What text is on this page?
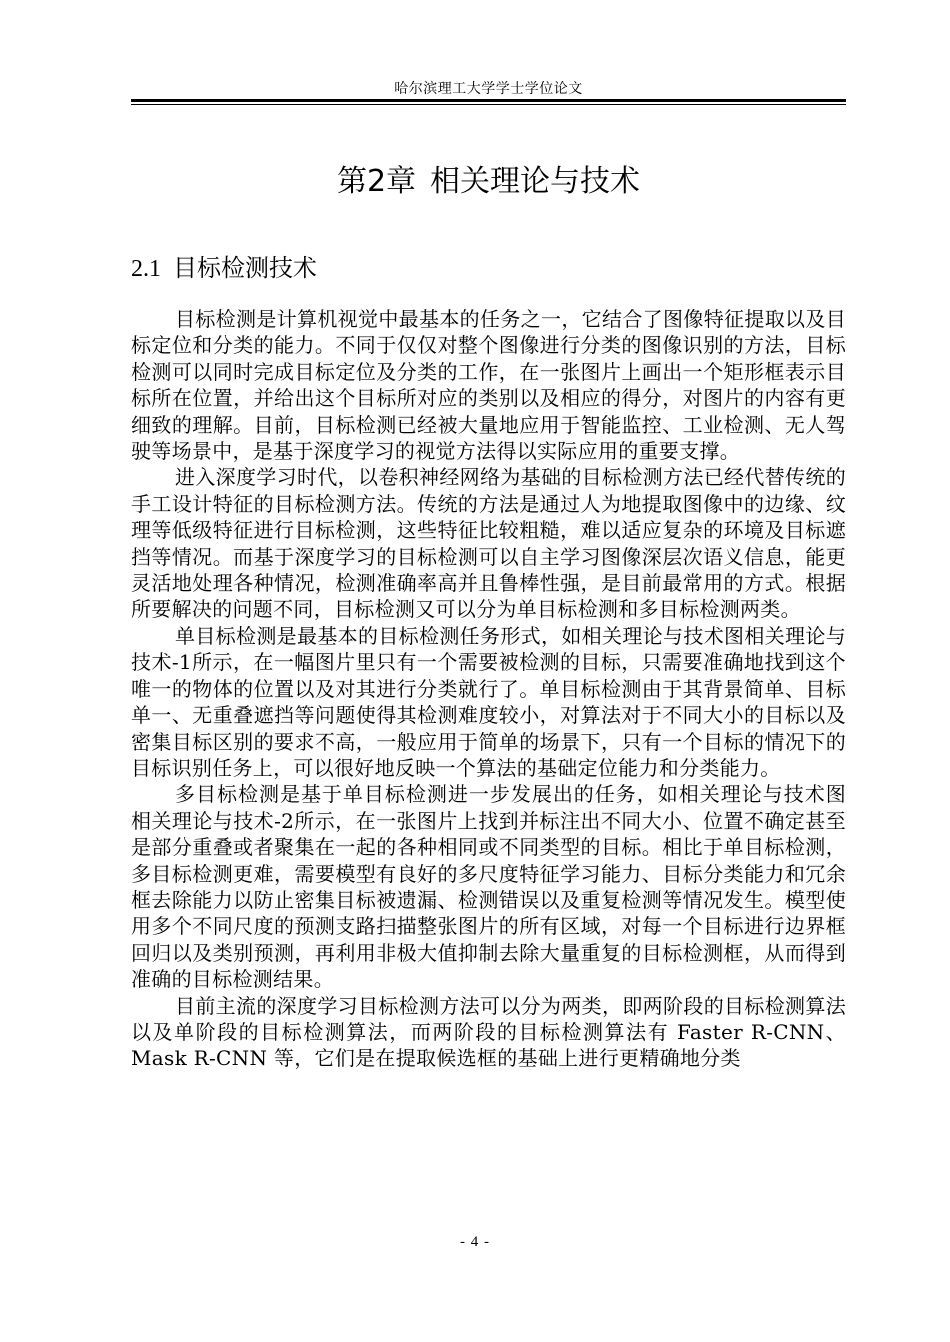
哈尔滨理工大学学士学位论文
第2章 相关理论与技术
2.1 目标检测技术

目标检测是计算机视觉中最基本的任务之一，它结合了图像特征提取以及目标定位和分类的能力。不同于仅仅对整个图像进行分类的图像识别的方法，目标检测可以同时完成目标定位及分类的工作，在一张图片上画出一个矩形框表示目标所在位置，并给出这个目标所对应的类别以及相应的得分，对图片的内容有更细致的理解。目前，目标检测已经被大量地应用于智能监控、工业检测、无人驾驶等场景中，是基于深度学习的视觉方法得以实际应用的重要支撑。

进入深度学习时代，以卷积神经网络为基础的目标检测方法已经代替传统的手工设计特征的目标检测方法。传统的方法是通过人为地提取图像中的边缘、纹理等低级特征进行目标检测，这些特征比较粗糙，难以适应复杂的环境及目标遮挡等情况。而基于深度学习的目标检测可以自主学习图像深层次语义信息，能更灵活地处理各种情况，检测准确率高并且鲁棒性强，是目前最常用的方式。根据所要解决的问题不同，目标检测又可以分为单目标检测和多目标检测两类。

单目标检测是最基本的目标检测任务形式，如相关理论与技术图相关理论与技术-1所示，在一幅图片里只有一个需要被检测的目标，只需要准确地找到这个唯一的物体的位置以及对其进行分类就行了。单目标检测由于其背景简单、目标单一、无重叠遮挡等问题使得其检测难度较小，对算法对于不同大小的目标以及密集目标区别的要求不高，一般应用于简单的场景下，只有一个目标的情况下的目标识别任务上，可以很好地反映一个算法的基础定位能力和分类能力。

多目标检测是基于单目标检测进一步发展出的任务，如相关理论与技术图 相关理论与技术-2所示，在一张图片上找到并标注出不同大小、位置不确定甚至是部分重叠或者聚集在一起的各种相同或不同类型的目标。相比于单目标检测，多目标检测更难，需要模型有良好的多尺度特征学习能力、目标分类能力和冗余框去除能力以防止密集目标被遗漏、检测错误以及重复检测等情况发生。模型使用多个不同尺度的预测支路扫描整张图片的所有区域，对每一个目标进行边界框回归以及类别预测，再利用非极大值抑制去除大量重复的目标检测框，从而得到准确的目标检测结果。

目前主流的深度学习目标检测方法可以分为两类，即两阶段的目标检测算法以及单阶段的目标检测算法，而两阶段的目标检测算法有 Faster R-CNN、Mask R-CNN 等，它们是在提取候选框的基础上进行更精确地分类

- 4 -
